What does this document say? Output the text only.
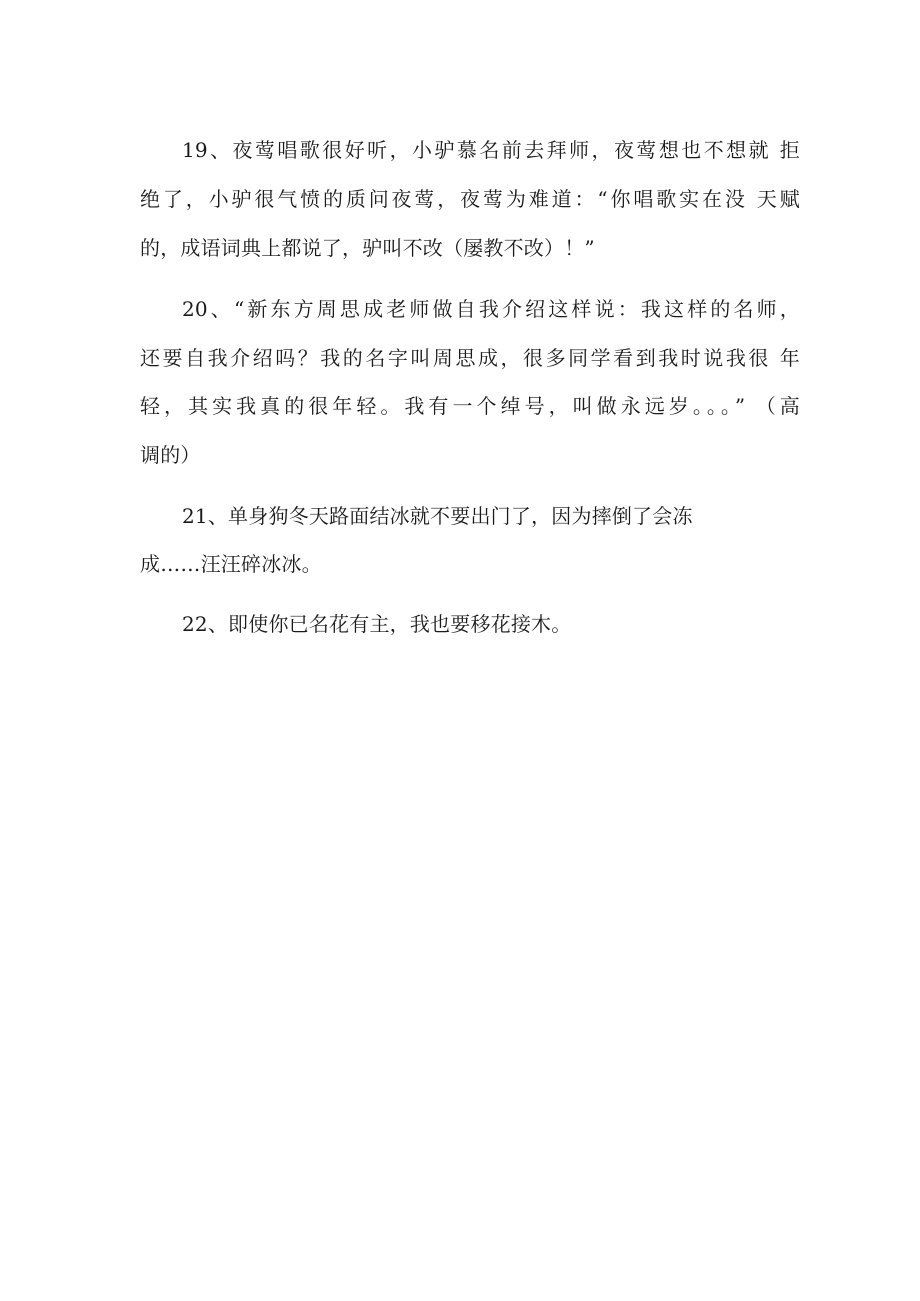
19、夜莺唱歌很好听，小驴慕名前去拜师，夜莺想也不想就 拒
绝了，小驴很气愤的质问夜莺，夜莺为难道：“你唱歌实在没 天赋
的，成语词典上都说了，驴叫不改（屡教不改）！”
20、“新东方周思成老师做自我介绍这样说：我这样的名师，
还要自我介绍吗？我的名字叫周思成，很多同学看到我时说我很 年
轻，其实我真的很年轻。我有一个绰号，叫做永远岁。。。” （高
调的）
21、单身狗冬天路面结冰就不要出门了，因为摔倒了会冻
成……汪汪碎冰冰。
22、即使你已名花有主，我也要移花接木。
